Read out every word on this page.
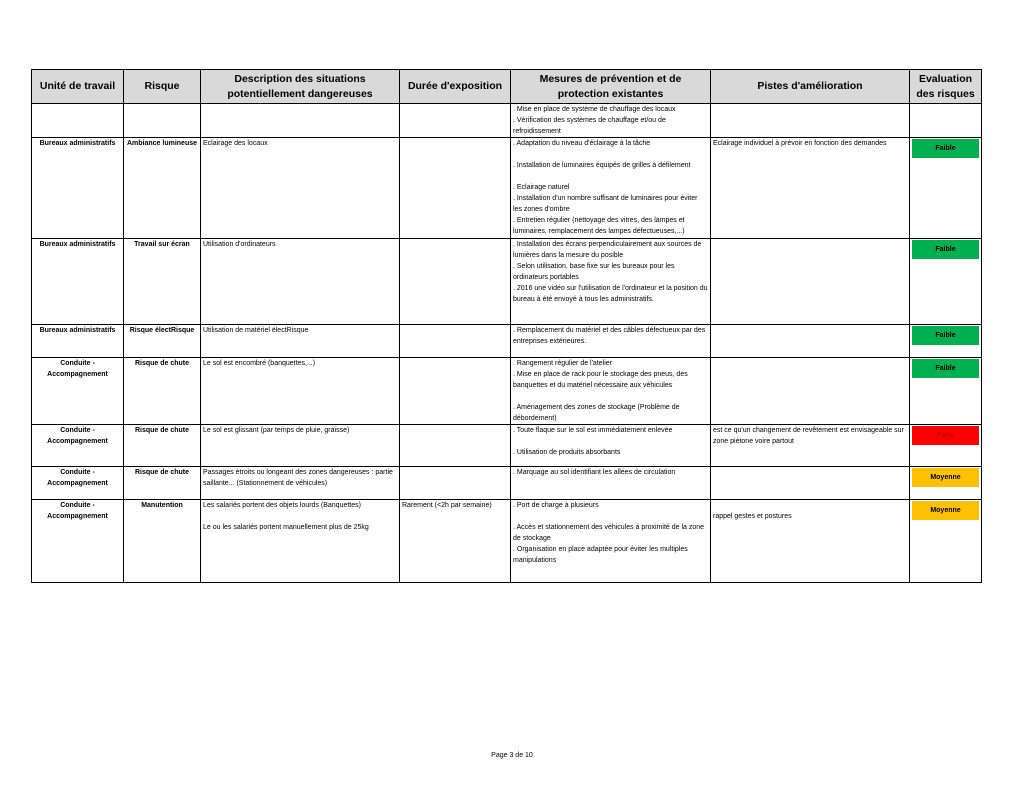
Unité de travail	Risque	Description des situations potentiellement dangereuses	Durée d'exposition	Mesures de prévention et de protection existantes	Pistes d'amélioration	Evaluation des risques

				. Mise en place de système de chauffage des locaux
. Vérification des systèmes de chauffage et/ou de refroidissement		

Bureaux administratifs	Ambiance lumineuse	Eclairage des locaux		. Adaptation du niveau d'éclairage à la tâche

. Installation de luminaires équipés de grilles à défilement

. Eclairage naturel
. Installation d'un nombre suffisant de luminaires pour éviter les zones d'ombre
. Entretien régulier (nettoyage des vitres, des lampes et luminaires, remplacement des lampes défectueuses,...)	Eclairage individuel à prévoir en fonction des demandes	Faible

Bureaux administratifs	Travail sur écran	Utilisation d'ordinateurs		. Installation des écrans perpendiculairement aux sources de lumières dans la mesure du posible
. Selon utilisation, base fixe sur les bureaux pour les ordinateurs portables
. 2016 une vidéo sur l'utilisation de l'ordinateur et la position du bureau à été envoyé à tous les administratifs.		Faible

Bureaux administratifs	Risque électRisque	Utilisation de matériel électRisque		. Remplacement du matériel et des câbles défectueux par des entreprises extérieures.		Faible

Conduite - Accompagnement	Risque de chute	Le sol est encombré (banquettes,...)		. Rangement régulier de l'atelier
. Mise en place de rack pour le stockage des pneus, des banquettes et du matériel nécessaire aux véhicules

. Aménagement des zones de stockage (Problème de débordement)		Faible

Conduite - Accompagnement	Risque de chute	Le sol est glissant (par temps de pluie, graisse)		. Toute flaque sur le sol est immédiatement enlevée

. Utilisation de produits absorbants	est ce qu'un changement de revêtement est envisageable sur zone piétone voire partout	Forte

Conduite - Accompagnement	Risque de chute	Passages étroits ou longeant des zones dangereuses : partie saillante... (Stationnement de véhicules)		. Marquage au sol identifiant les allées de circulation		Moyenne

Conduite - Accompagnement	Manutention	Les salariés portent des objets lourds (Banquettes)

Le ou les salariés portent manuellement plus de 25kg	Rarement (<2h par semaine)	. Port de charge à plusieurs

. Accès et stationnement des véhicules à proximité de la zone de stockage
. Organisation en place adaptée pour éviter les multiples manipulations	
rappel gestes et postures	Moyenne
Page 3 de 10
